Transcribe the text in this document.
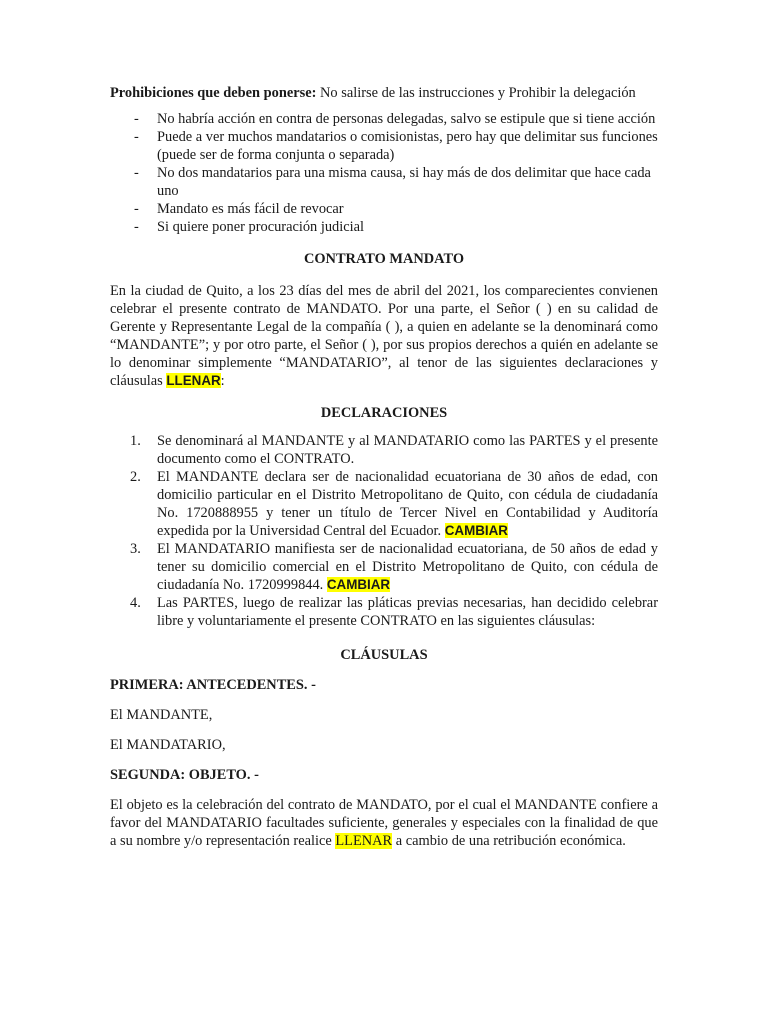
Prohibiciones que deben ponerse: No salirse de las instrucciones y Prohibir la delegación

- No habría acción en contra de personas delegadas, salvo se estipule que si tiene acción
- Puede a ver muchos mandatarios o comisionistas, pero hay que delimitar sus funciones (puede ser de forma conjunta o separada)
- No dos mandatarios para una misma causa, si hay más de dos delimitar que hace cada uno
- Mandato es más fácil de revocar
- Si quiere poner procuración judicial

CONTRATO MANDATO

En la ciudad de Quito, a los 23 días del mes de abril del 2021, los comparecientes convienen celebrar el presente contrato de MANDATO. Por una parte, el Señor ( ) en su calidad de Gerente y Representante Legal de la compañía ( ), a quien en adelante se la denominará como “MANDANTE”; y por otro parte, el Señor ( ), por sus propios derechos a quién en adelante se lo denominar simplemente “MANDATARIO”, al tenor de las siguientes declaraciones y cláusulas LLENAR:

DECLARACIONES

1. Se denominará al MANDANTE y al MANDATARIO como las PARTES y el presente documento como el CONTRATO.
2. El MANDANTE declara ser de nacionalidad ecuatoriana de 30 años de edad, con domicilio particular en el Distrito Metropolitano de Quito, con cédula de ciudadanía No. 1720888955 y tener un título de Tercer Nivel en Contabilidad y Auditoría expedida por la Universidad Central del Ecuador. CAMBIAR
3. El MANDATARIO manifiesta ser de nacionalidad ecuatoriana, de 50 años de edad y tener su domicilio comercial en el Distrito Metropolitano de Quito, con cédula de ciudadanía No. 1720999844. CAMBIAR
4. Las PARTES, luego de realizar las pláticas previas necesarias, han decidido celebrar libre y voluntariamente el presente CONTRATO en las siguientes cláusulas:

CLÁUSULAS

PRIMERA: ANTECEDENTES. -

El MANDANTE,

El MANDATARIO,

SEGUNDA: OBJETO. -

El objeto es la celebración del contrato de MANDATO, por el cual el MANDANTE confiere a favor del MANDATARIO facultades suficiente, generales y especiales con la finalidad de que a su nombre y/o representación realice LLENAR a cambio de una retribución económica.
